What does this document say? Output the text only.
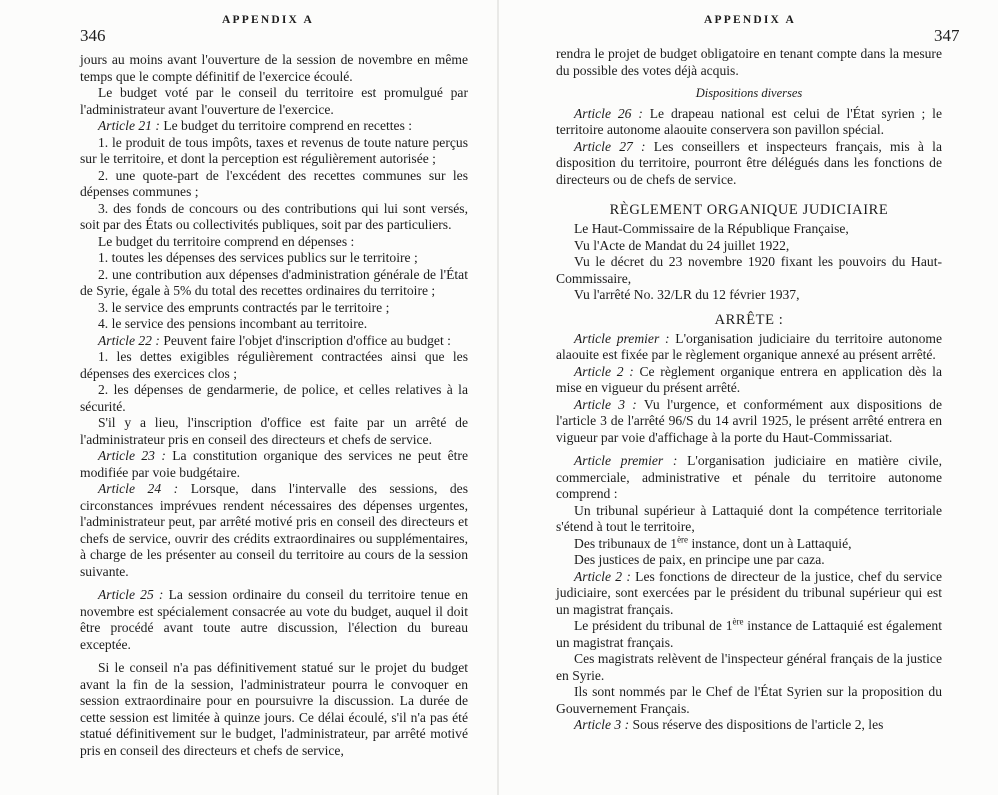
346
APPENDIX A

jours au moins avant l'ouverture de la session de novembre en même temps que le compte définitif de l'exercice écoulé.

Le budget voté par le conseil du territoire est promulgué par l'administrateur avant l'ouverture de l'exercice.

Article 21 : Le budget du territoire comprend en recettes :

1. le produit de tous impôts, taxes et revenus de toute nature perçus sur le territoire, et dont la perception est régulièrement autorisée ;

2. une quote-part de l'excédent des recettes communes sur les dépenses communes ;

3. des fonds de concours ou des contributions qui lui sont versés, soit par des États ou collectivités publiques, soit par des particuliers.

Le budget du territoire comprend en dépenses :

1. toutes les dépenses des services publics sur le territoire ;

2. une contribution aux dépenses d'administration générale de l'État de Syrie, égale à 5% du total des recettes ordinaires du territoire ;

3. le service des emprunts contractés par le territoire ;

4. le service des pensions incombant au territoire.

Article 22 : Peuvent faire l'objet d'inscription d'office au budget :

1. les dettes exigibles régulièrement contractées ainsi que les dépenses des exercices clos ;

2. les dépenses de gendarmerie, de police, et celles relatives à la sécurité.

S'il y a lieu, l'inscription d'office est faite par un arrêté de l'administrateur pris en conseil des directeurs et chefs de service.

Article 23 : La constitution organique des services ne peut être modifiée par voie budgétaire.

Article 24 : Lorsque, dans l'intervalle des sessions, des circonstances imprévues rendent nécessaires des dépenses urgentes, l'administrateur peut, par arrêté motivé pris en conseil des directeurs et chefs de service, ouvrir des crédits extraordinaires ou supplémentaires, à charge de les présenter au conseil du territoire au cours de la session suivante.

Article 25 : La session ordinaire du conseil du territoire tenue en novembre est spécialement consacrée au vote du budget, auquel il doit être procédé avant toute autre discussion, l'élection du bureau exceptée.

Si le conseil n'a pas définitivement statué sur le projet du budget avant la fin de la session, l'administrateur pourra le convoquer en session extraordinaire pour en poursuivre la discussion. La durée de cette session est limitée à quinze jours. Ce délai écoulé, s'il n'a pas été statué définitivement sur le budget, l'administrateur, par arrêté motivé pris en conseil des directeurs et chefs de service,

APPENDIX A
347

rendra le projet de budget obligatoire en tenant compte dans la mesure du possible des votes déjà acquis.

Dispositions diverses

Article 26 : Le drapeau national est celui de l'État syrien ; le territoire autonome alaouite conservera son pavillon spécial.

Article 27 : Les conseillers et inspecteurs français, mis à la disposition du territoire, pourront être délégués dans les fonctions de directeurs ou de chefs de service.

RÈGLEMENT ORGANIQUE JUDICIAIRE

Le Haut-Commissaire de la République Française,

Vu l'Acte de Mandat du 24 juillet 1922,

Vu le décret du 23 novembre 1920 fixant les pouvoirs du Haut-Commissaire,

Vu l'arrêté No. 32/LR du 12 février 1937,

ARRÊTE :

Article premier : L'organisation judiciaire du territoire autonome alaouite est fixée par le règlement organique annexé au présent arrêté.

Article 2 : Ce règlement organique entrera en application dès la mise en vigueur du présent arrêté.

Article 3 : Vu l'urgence, et conformément aux dispositions de l'article 3 de l'arrêté 96/S du 14 avril 1925, le présent arrêté entrera en vigueur par voie d'affichage à la porte du Haut-Commissariat.

Article premier : L'organisation judiciaire en matière civile, commerciale, administrative et pénale du territoire autonome comprend :

Un tribunal supérieur à Lattaquié dont la compétence territoriale s'étend à tout le territoire,

Des tribunaux de 1ère instance, dont un à Lattaquié,

Des justices de paix, en principe une par caza.

Article 2 : Les fonctions de directeur de la justice, chef du service judiciaire, sont exercées par le président du tribunal supérieur qui est un magistrat français.

Le président du tribunal de 1ère instance de Lattaquié est également un magistrat français.

Ces magistrats relèvent de l'inspecteur général français de la justice en Syrie.

Ils sont nommés par le Chef de l'État Syrien sur la proposition du Gouvernement Français.

Article 3 : Sous réserve des dispositions de l'article 2, les
